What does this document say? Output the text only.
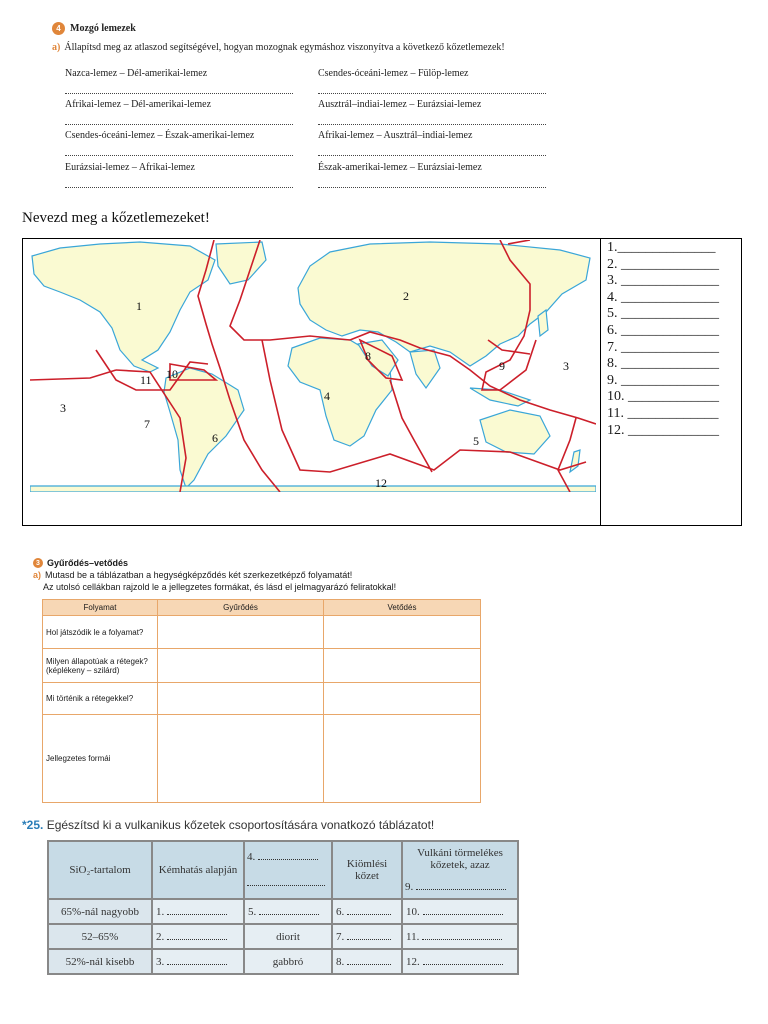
4 Mozgó lemezek
a) Állapítsd meg az atlaszod segítségével, hogyan mozognak egymáshoz viszonyítva a következő kőzetlemezek!
Nazca-lemez – Dél-amerikai-lemez
Afrikai-lemez – Dél-amerikai-lemez
Csendes-óceáni-lemez – Észak-amerikai-lemez
Eurázsiai-lemez – Afrikai-lemez
Csendes-óceáni-lemez – Fülöp-lemez
Ausztrál–indiai-lemez – Eurázsiai-lemez
Afrikai-lemez – Ausztrál–indiai-lemez
Észak-amerikai-lemez – Eurázsiai-lemez
Nevezd meg a kőzetlemezeket!
1
2
3
3
4
5
6
7
8
9
10
11
12
1.______________
2. ______________
3. ______________
4. ______________
5. ______________
6. ______________
7. ______________
8. ______________
9. ______________
10. _____________
11. _____________
12. _____________
3 Gyűrődés–vetődés
a) Mutasd be a táblázatban a hegységképződés két szerkezetképző folyamatát!
Az utolsó cellákban rajzold le a jellegzetes formákat, és lásd el jelmagyarázó feliratokkal!
Folyamat	Gyűrődés	Vetődés
Hol játszódik le a folyamat?		
Milyen állapotúak a rétegek? (képlékeny – szilárd)		
Mi történik a rétegekkel?		
Jellegzetes formái		
*25. Egészítsd ki a vulkanikus kőzetek csoportosítására vonatkozó táblázatot!
SiO₂-tartalom	Kémhatás alapján	4.	Kiömlési kőzet	Vulkáni törmelékes kőzetek, azaz
9.

65%-nál nagyobb	1.	5.	6.	10.
52–65%	2.	diorit	7.	11.
52%-nál kisebb	3.	gabbró	8.	12.
